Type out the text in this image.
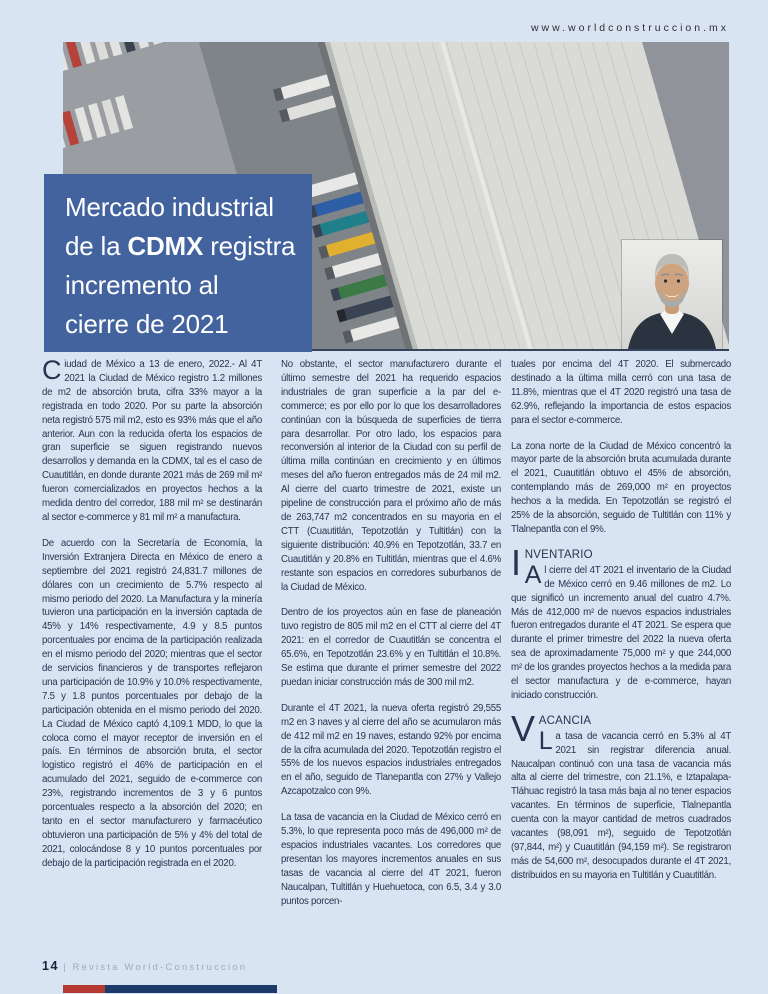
www.worldconstruccion.mx
Mercado industrial
de la CDMX registra
incremento al
cierre de 2021

Ciudad de México a 13 de enero, 2022.- Al 4T 2021 la Ciudad de México registro 1.2 millones de m2 de absorción bruta, cifra 33% mayor a la registrada en todo 2020. Por su parte la absorción neta registró 575 mil m2, esto es 93% más que el año anterior. Aun con la reducida oferta los espacios de gran superficie se siguen registrando nuevos desarrollos y demanda en la CDMX, tal es el caso de Cuautitlán, en donde durante 2021 más de 269 mil m² fueron comercializados en proyectos hechos a la medida dentro del corredor, 188 mil m² se destinarán al sector e-commerce y 81 mil m² a manufactura.

De acuerdo con la Secretaría de Economía, la Inversión Extranjera Directa en México de enero a septiembre del 2021 registró 24,831.7 millones de dólares con un crecimiento de 5.7% respecto al mismo periodo del 2020. La Manufactura y la minería tuvieron una participación en la inversión captada de 45% y 14% respectivamente, 4.9 y 8.5 puntos porcentuales por encima de la participación realizada en el mismo periodo del 2020; mientras que el sector de servicios financieros y de transportes reflejaron una participación de 10.9% y 10.0% respectivamente, 7.5 y 1.8 puntos porcentuales por debajo de la participación obtenida en el mismo periodo del 2020. La Ciudad de México captó 4,109.1 MDD, lo que la coloca como el mayor receptor de inversión en el país. En términos de absorción bruta, el sector logistico registró el 46% de participación en el acumulado del 2021, seguido de e-commerce con 23%, registrando incrementos de 3 y 6 puntos porcentuales respecto a la absorción del 2020; en tanto en el sector manufacturero y farmacéutico obtuvieron una participación de 5% y 4% del total de 2021, colocándose 8 y 10 puntos porcentuales por debajo de la participación registrada en el 2020.

No obstante, el sector manufacturero durante el último semestre del 2021 ha requerido espacios industriales de gran superficie a la par del e-commerce; es por ello por lo que los desarrolladores continúan con la búsqueda de superficies de tierra para desarrollar. Por otro lado, los espacios para reconversión al interior de la Ciudad con su perfil de última milla continúan en crecimiento y en últimos meses del año fueron entregados más de 24 mil m2. Al cierre del cuarto trimestre de 2021, existe un pipeline de construcción para el próximo año de más de 263,747 m2 concentrados en su mayoria en el CTT (Cuautitlán, Tepotzotlán y Tultitlán) con la siguiente distribución: 40.9% en Tepotzotlán, 33.7 en Cuautitlán y 20.8% en Tultitlán, mientras que el 4.6% restante son espacios en corredores suburbanos de la Ciudad de México.

Dentro de los proyectos aún en fase de planeación tuvo registro de 805 mil m2 en el CTT al cierre del 4T 2021: en el corredor de Cuautitlán se concentra el 65.6%, en Tepotzotlán 23.6% y en Tultitlán el 10.8%. Se estima que durante el primer semestre del 2022 puedan iniciar construcción más de 300 mil m2.

Durante el 4T 2021, la nueva oferta registró 29,555 m2 en 3 naves y al cierre del año se acumularon más de 412 mil m2 en 19 naves, estando 92% por encima de la cifra acumulada del 2020. Tepotzotlán registro el 55% de los nuevos espacios industriales entregados en el año, seguido de Tlanepantla con 27% y Vallejo Azcapotzalco con 9%.

La tasa de vacancia en la Ciudad de México cerró en 5.3%, lo que representa poco más de 496,000 m² de espacios industriales vacantes. Los corredores que presentan los mayores incrementos anuales en sus tasas de vacancia al cierre del 4T 2021, fueron Naucalpan, Tultitlán y Huehuetoca, con 6.5, 3.4 y 3.0 puntos porcen-

tuales por encima del 4T 2020. El submercado destinado a la última milla cerró con una tasa de 11.8%, mientras que el 4T 2020 registró una tasa de 62.9%, reflejando la importancia de estos espacios para el sector e-commerce.

La zona norte de la Ciudad de México concentró la mayor parte de la absorción bruta acumulada durante el 2021, Cuautitlán obtuvo el 45% de absorción, contemplando más de 269,000 m² en proyectos hechos a la medida. En Tepotzotlán se registró el 25% de la absorción, seguido de Tultitlán con 11% y Tlalnepantla con el 9%.

INVENTARIO

Al cierre del 4T 2021 el inventario de la Ciudad de México cerró en 9.46 millones de m2. Lo que significó un incremento anual del cuatro 4.7%. Más de 412,000 m² de nuevos espacios industriales fueron entregados durante el 4T 2021. Se espera que durante el primer trimestre del 2022 la nueva oferta sea de aproximadamente 75,000 m² y que 244,000 m² de los grandes proyectos hechos a la medida para el sector manufactura y de e-commerce, hayan iniciado construcción.

VACANCIA

La tasa de vacancia cerró en 5.3% al 4T 2021 sin registrar diferencia anual. Naucalpan continuó con una tasa de vacancia más alta al cierre del trimestre, con 21.1%, e Iztapalapa-Tláhuac registró la tasa más baja al no tener espacios vacantes. En términos de superficie, Tlalnepantla cuenta con la mayor cantidad de metros cuadrados vacantes (98,091 m²), seguido de Tepotzotlán (97,844, m²) y Cuautitlán (94,159 m²). Se registraron más de 54,600 m², desocupados durante el 4T 2021, distribuidos en su mayoria en Tultitlán y Cuautitlán.

14 | Revista World-Construccion
